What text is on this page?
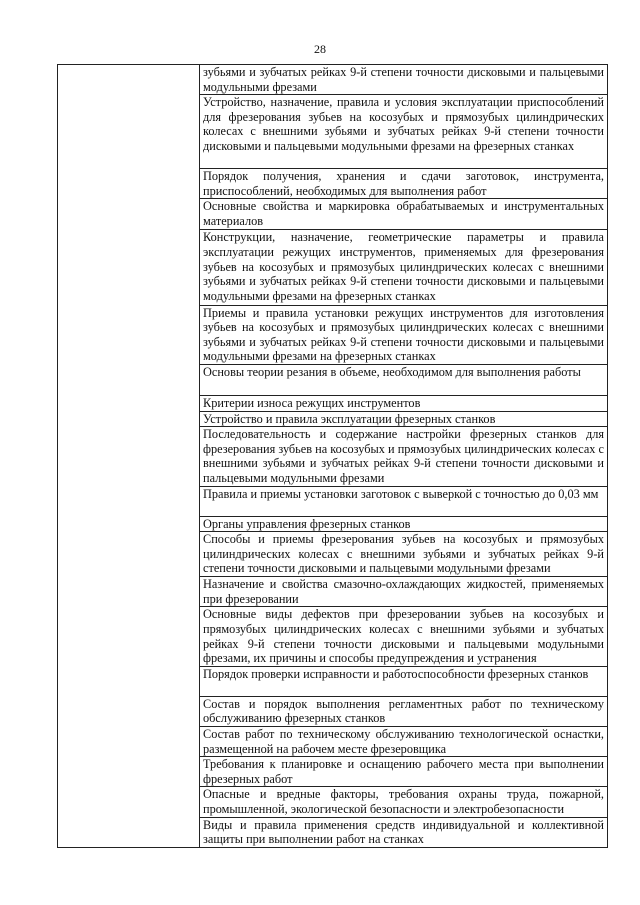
28
	зубьями и зубчатых рейках 9-й степени точности дисковыми и пальцевыми модульными фрезами
Устройство, назначение, правила и условия эксплуатации приспособлений для фрезерования зубьев на косозубых и прямозубых цилиндрических колесах с внешними зубьями и зубчатых рейках 9-й степени точности дисковыми и пальцевыми модульными фрезами на фрезерных станках
Порядок получения, хранения и сдачи заготовок, инструмента, приспособлений, необходимых для выполнения работ
Основные свойства и маркировка обрабатываемых и инструментальных материалов
Конструкции, назначение, геометрические параметры и правила эксплуатации режущих инструментов, применяемых для фрезерования зубьев на косозубых и прямозубых цилиндрических колесах с внешними зубьями и зубчатых рейках 9-й степени точности дисковыми и пальцевыми модульными фрезами на фрезерных станках
Приемы и правила установки режущих инструментов для изготовления зубьев на косозубых и прямозубых цилиндрических колесах с внешними зубьями и зубчатых рейках 9-й степени точности дисковыми и пальцевыми модульными фрезами на фрезерных станках
Основы теории резания в объеме, необходимом для выполнения работы
Критерии износа режущих инструментов
Устройство и правила эксплуатации фрезерных станков
Последовательность и содержание настройки фрезерных станков для фрезерования зубьев на косозубых и прямозубых цилиндрических колесах с внешними зубьями и зубчатых рейках 9-й степени точности дисковыми и пальцевыми модульными фрезами
Правила и приемы установки заготовок с выверкой с точностью до 0,03 мм
Органы управления фрезерных станков
Способы и приемы фрезерования зубьев на косозубых и прямозубых цилиндрических колесах с внешними зубьями и зубчатых рейках 9-й степени точности дисковыми и пальцевыми модульными фрезами
Назначение и свойства смазочно-охлаждающих жидкостей, применяемых при фрезеровании
Основные виды дефектов при фрезеровании зубьев на косозубых и прямозубых цилиндрических колесах с внешними зубьями и зубчатых рейках 9-й степени точности дисковыми и пальцевыми модульными фрезами, их причины и способы предупреждения и устранения
Порядок проверки исправности и работоспособности фрезерных станков
Состав и порядок выполнения регламентных работ по техническому обслуживанию фрезерных станков
Состав работ по техническому обслуживанию технологической оснастки, размещенной на рабочем месте фрезеровщика
Требования к планировке и оснащению рабочего места при выполнении фрезерных работ
Опасные и вредные факторы, требования охраны труда, пожарной, промышленной, экологической безопасности и электробезопасности
Виды и правила применения средств индивидуальной и коллективной защиты при выполнении работ на станках
